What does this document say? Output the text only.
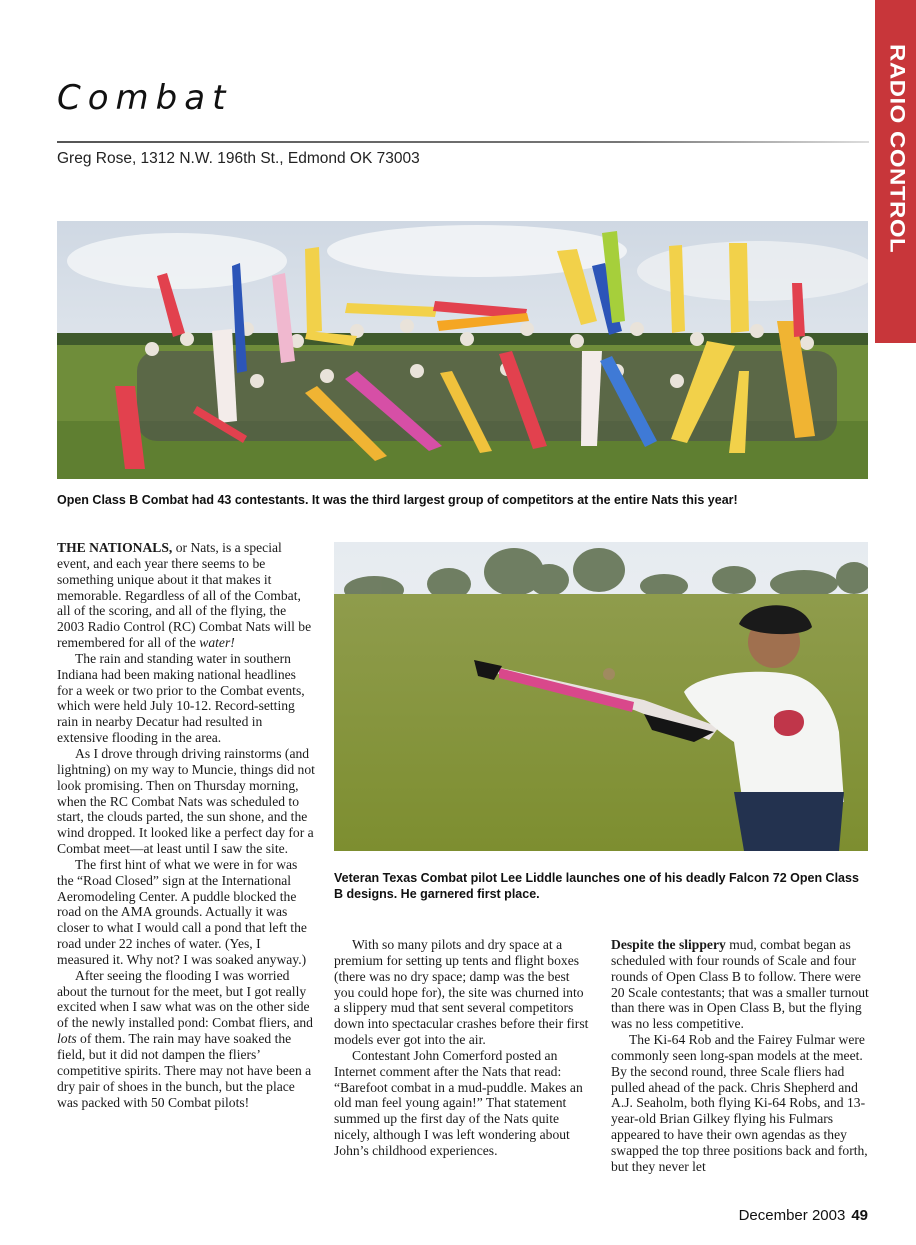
RADIO CONTROL
Combat
Greg Rose, 1312 N.W. 196th St., Edmond OK 73003
Open Class B Combat had 43 contestants. It was the third largest group of competitors at the entire Nats this year!
Veteran Texas Combat pilot Lee Liddle launches one of his deadly Falcon 72 Open Class B designs. He garnered first place.

THE NATIONALS, or Nats, is a special event, and each year there seems to be something unique about it that makes it memorable. Regardless of all of the Combat, all of the scoring, and all of the flying, the 2003 Radio Control (RC) Combat Nats will be remembered for all of the water!

The rain and standing water in southern Indiana had been making national headlines for a week or two prior to the Combat events, which were held July 10-12. Record-setting rain in nearby Decatur had resulted in extensive flooding in the area.

As I drove through driving rainstorms (and lightning) on my way to Muncie, things did not look promising. Then on Thursday morning, when the RC Combat Nats was scheduled to start, the clouds parted, the sun shone, and the wind dropped. It looked like a perfect day for a Combat meet—at least until I saw the site.

The first hint of what we were in for was the “Road Closed” sign at the International Aeromodeling Center. A puddle blocked the road on the AMA grounds. Actually it was closer to what I would call a pond that left the road under 22 inches of water. (Yes, I measured it. Why not? I was soaked anyway.)

After seeing the flooding I was worried about the turnout for the meet, but I got really excited when I saw what was on the other side of the newly installed pond: Combat fliers, and lots of them. The rain may have soaked the field, but it did not dampen the fliers’ competitive spirits. There may not have been a dry pair of shoes in the bunch, but the place was packed with 50 Combat pilots!

With so many pilots and dry space at a premium for setting up tents and flight boxes (there was no dry space; damp was the best you could hope for), the site was churned into a slippery mud that sent several competitors down into spectacular crashes before their first models ever got into the air.

Contestant John Comerford posted an Internet comment after the Nats that read: “Barefoot combat in a mud-puddle. Makes an old man feel young again!” That statement summed up the first day of the Nats quite nicely, although I was left wondering about John’s childhood experiences.

Despite the slippery mud, combat began as scheduled with four rounds of Scale and four rounds of Open Class B to follow. There were 20 Scale contestants; that was a smaller turnout than there was in Open Class B, but the flying was no less competitive.

The Ki-64 Rob and the Fairey Fulmar were commonly seen long-span models at the meet. By the second round, three Scale fliers had pulled ahead of the pack. Chris Shepherd and A.J. Seaholm, both flying Ki-64 Robs, and 13-year-old Brian Gilkey flying his Fulmars appeared to have their own agendas as they swapped the top three positions back and forth, but they never let

December 2003 49
